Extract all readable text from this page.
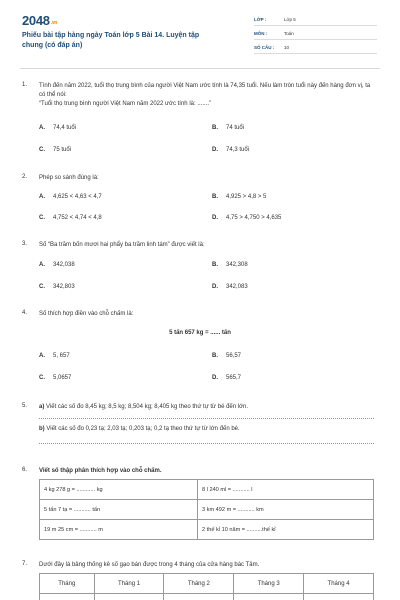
2048.vn
Phiếu bài tập hàng ngày Toán lớp 5 Bài 14. Luyện tập chung (có đáp án)
LỚP :	Lớp 5
MÔN :	Toán
SỐ CÂU : 10
1. Tính đến năm 2022, tuổi thọ trung bình của người Việt Nam ước tính là 74,35 tuổi. Nếu làm tròn tuổi này đến hàng đơn vị, ta có thể nói:
“Tuổi thọ trung bình người Việt Nam năm 2022 ước tính là: .......”
A. 74,4 tuổi	B. 74 tuổi
C. 75 tuổi	D. 74,3 tuổi
2. Phép so sánh đúng là:
A. 4,625 < 4,63 < 4,7	B. 4,925 > 4,8 > 5
C. 4,752 < 4,74 < 4,8	D. 4,75 > 4,750 > 4,635
3. Số “Ba trăm bốn mươi hai phẩy ba trăm linh tám” được viết là:
A. 342,038	B. 342,308
C. 342,803	D. 342,083
4. Số thích hợp điền vào chỗ chấm là:
A. 5, 657	B. 56,57
C. 5,0657	D. 565,7
5 tấn 657 kg = ...... tấn
5. a) Viết các số đo 8,45 kg; 8,5 kg; 8,504 kg; 8,405 kg theo thứ tự từ bé đến lớn.
b) Viết các số đo 0,23 tạ; 2,03 tạ; 0,203 tạ; 0,2 tạ theo thứ tự từ lớn đến bé.
6. Viết số thập phân thích hợp vào chỗ chấm.
4 kg 278 g = ............ kg	8 l 240 ml = ........... l
5 tấn 7 tạ = ........... tấn	3 km 492 m = ........... km
19 m 25 cm = ........... m	2 thế kỉ 10 năm = ..........thế kỉ
7. Dưới đây là bảng thống kê số gạo bán được trong 4 tháng của cửa hàng bác Tâm.
Tháng	Tháng 1	Tháng 2	Tháng 3	Tháng 4
